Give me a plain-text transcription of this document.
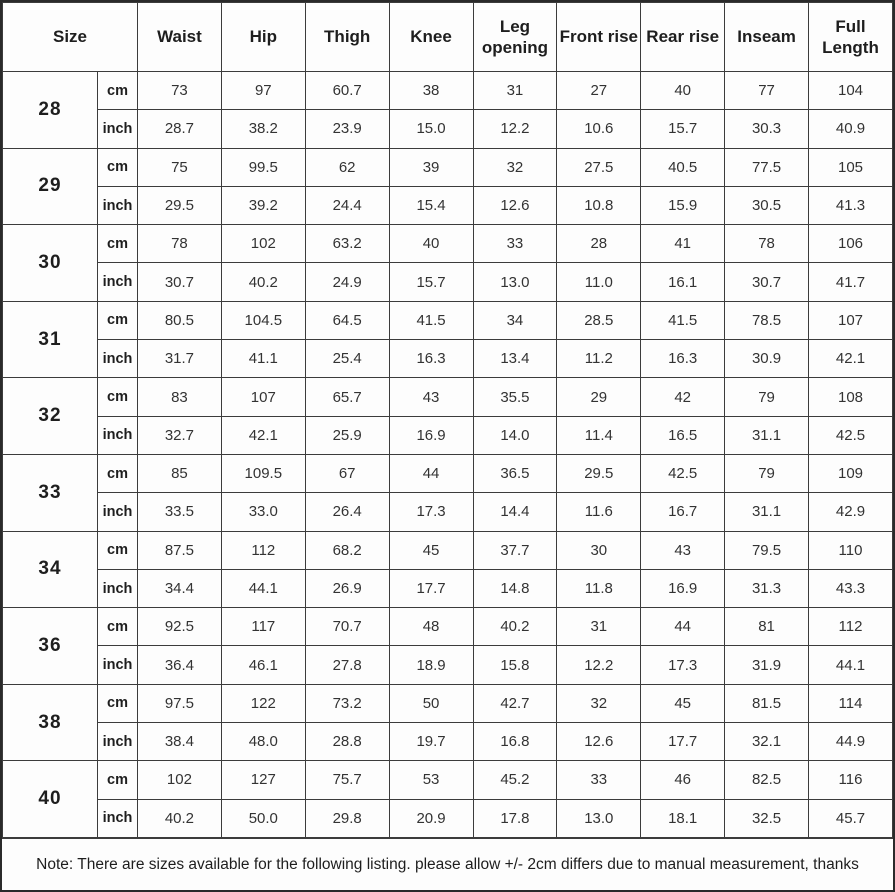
Size		Waist	Hip	Thigh	Knee	Leg opening	Front rise	Rear rise	Inseam	Full Length
28	cm	73	97	60.7	38	31	27	40	77	104
	inch	28.7	38.2	23.9	15.0	12.2	10.6	15.7	30.3	40.9
29	cm	75	99.5	62	39	32	27.5	40.5	77.5	105
	inch	29.5	39.2	24.4	15.4	12.6	10.8	15.9	30.5	41.3
30	cm	78	102	63.2	40	33	28	41	78	106
	inch	30.7	40.2	24.9	15.7	13.0	11.0	16.1	30.7	41.7
31	cm	80.5	104.5	64.5	41.5	34	28.5	41.5	78.5	107
	inch	31.7	41.1	25.4	16.3	13.4	11.2	16.3	30.9	42.1
32	cm	83	107	65.7	43	35.5	29	42	79	108
	inch	32.7	42.1	25.9	16.9	14.0	11.4	16.5	31.1	42.5
33	cm	85	109.5	67	44	36.5	29.5	42.5	79	109
	inch	33.5	33.0	26.4	17.3	14.4	11.6	16.7	31.1	42.9
34	cm	87.5	112	68.2	45	37.7	30	43	79.5	110
	inch	34.4	44.1	26.9	17.7	14.8	11.8	16.9	31.3	43.3
36	cm	92.5	117	70.7	48	40.2	31	44	81	112
	inch	36.4	46.1	27.8	18.9	15.8	12.2	17.3	31.9	44.1
38	cm	97.5	122	73.2	50	42.7	32	45	81.5	114
	inch	38.4	48.0	28.8	19.7	16.8	12.6	17.7	32.1	44.9
40	cm	102	127	75.7	53	45.2	33	46	82.5	116
	inch	40.2	50.0	29.8	20.9	17.8	13.0	18.1	32.5	45.7
Note: There are sizes available for the following listing. please allow +/- 2cm differs due to manual measurement, thanks
